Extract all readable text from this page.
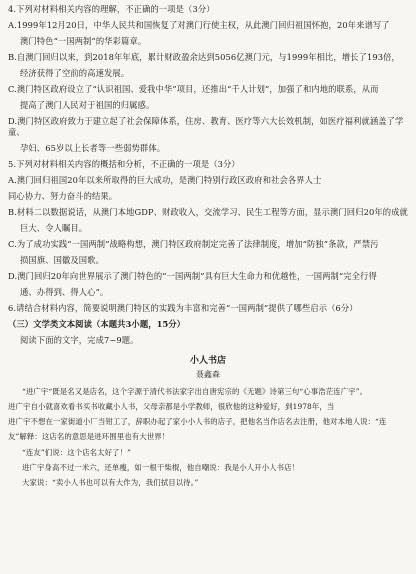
4.下列对材料相关内容的理解，不正确的一项是（3分）
A.1999年12月20日，中华人民共和国恢复了对澳门行使主权，从此澳门回归祖国怀抱，20年来谱写了
澳门特色“一国两制”的华彩篇章。
B.自澳门回归以来，到2018年年底，累计财政盈余达到5056亿澳门元，与1999年相比，增长了193倍，
经济获得了空前的高速发展。
C.澳门特区政府设立了“认识祖国、爱我中华”项目，还推出“千人计划”，加强了和内地的联系，从而
提高了澳门人民对于祖国的归属感。
D.澳门特区政府致力于建立起了社会保障体系，住房、教育、医疗等六大长效机制，如医疗福利就涵盖了学童、
孕妇、65岁以上长者等一些弱势群体。
5.下列对材料相关内容的概括和分析，不正确的一项是（3分）
A.澳门回归祖国20年以来所取得的巨大成功，是澳门特别行政区政府和社会各界人士
同心协力、努力奋斗的结果。
B.材料二以数据说话，从澳门本地GDP、财政收入，交流学习、民生工程等方面，显示澳门回归20年的成就
巨大、令人瞩目。
C.为了成功实践“一国两制”战略构想，澳门特区政府制定完善了法律制度，增加“防独”条款，严禁污
损国旗、国徽及国歌。
D.澳门回归20年向世界展示了澳门特色的“一国两制”具有巨大生命力和优越性，一国两制“完全行得
通、办得到、得人心”。
6.请结合材料内容，简要说明澳门特区的实践为丰富和完善“一国两制”提供了哪些启示（6分）
（三）文学类文本阅读（本题共3小题，15分）
阅读下面的文字，完成7~9题。
小人书店
聂鑫森
“进广宇“既是名又是店名，这个字源于清代书法家字出自唐宪宗的《无题》诗第三句“心事浩茫连广宇”。
进广宇自小就喜欢看书买书收藏小人书，父母亲都是小学教师，很欣他的这种爱好，到1978年，当
进广宇不想在一家街道小厂当钳工了，辞职办起了家小小人书的店子，把他名当作店名去注册，他对本地人说：“连
友”解释：这店名的意思是进环围里也有大世界！
“连友”们说：这个店名太好了！”
进广宇身高不过一米六，还单瘦，如一根干柴棍，他自嘲说：我是小人开小人书店！
大家说：“卖小人书也可以有大作为，我们拭目以待。”
